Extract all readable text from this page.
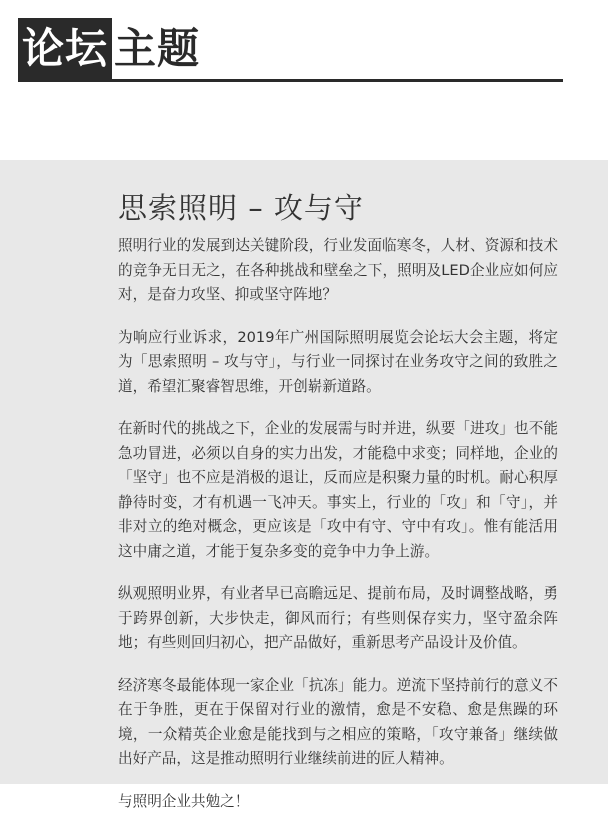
论坛 主题
思索照明 – 攻与守

照明行业的发展到达关键阶段，行业发面临寒冬，人材、资源和技术的竞争无日无之，在各种挑战和壁垒之下，照明及LED企业应如何应对，是奋力攻坚、抑或坚守阵地？

为响应行业诉求，2019年广州国际照明展览会论坛大会主题，将定为「思索照明 – 攻与守」，与行业一同探讨在业务攻守之间的致胜之道，希望汇聚睿智思维，开创崭新道路。

在新时代的挑战之下，企业的发展需与时并进，纵要「进攻」也不能急功冒进，必须以自身的实力出发，才能稳中求变；同样地，企业的「坚守」也不应是消极的退让，反而应是积聚力量的时机。耐心积厚静待时变，才有机遇一飞冲天。事实上，行业的「攻」和「守」，并非对立的绝对概念，更应该是「攻中有守、守中有攻」。惟有能活用这中庸之道，才能于复杂多变的竞争中力争上游。

纵观照明业界，有业者早已高瞻远足、提前布局，及时调整战略，勇于跨界创新，大步快走，御风而行；有些则保存实力，坚守盈余阵地；有些则回归初心，把产品做好，重新思考产品设计及价值。

经济寒冬最能体现一家企业「抗冻」能力。逆流下坚持前行的意义不在于争胜，更在于保留对行业的激情，愈是不安稳、愈是焦躁的环境，一众精英企业愈是能找到与之相应的策略，「攻守兼备」继续做出好产品，这是推动照明行业继续前进的匠人精神。

与照明企业共勉之！
